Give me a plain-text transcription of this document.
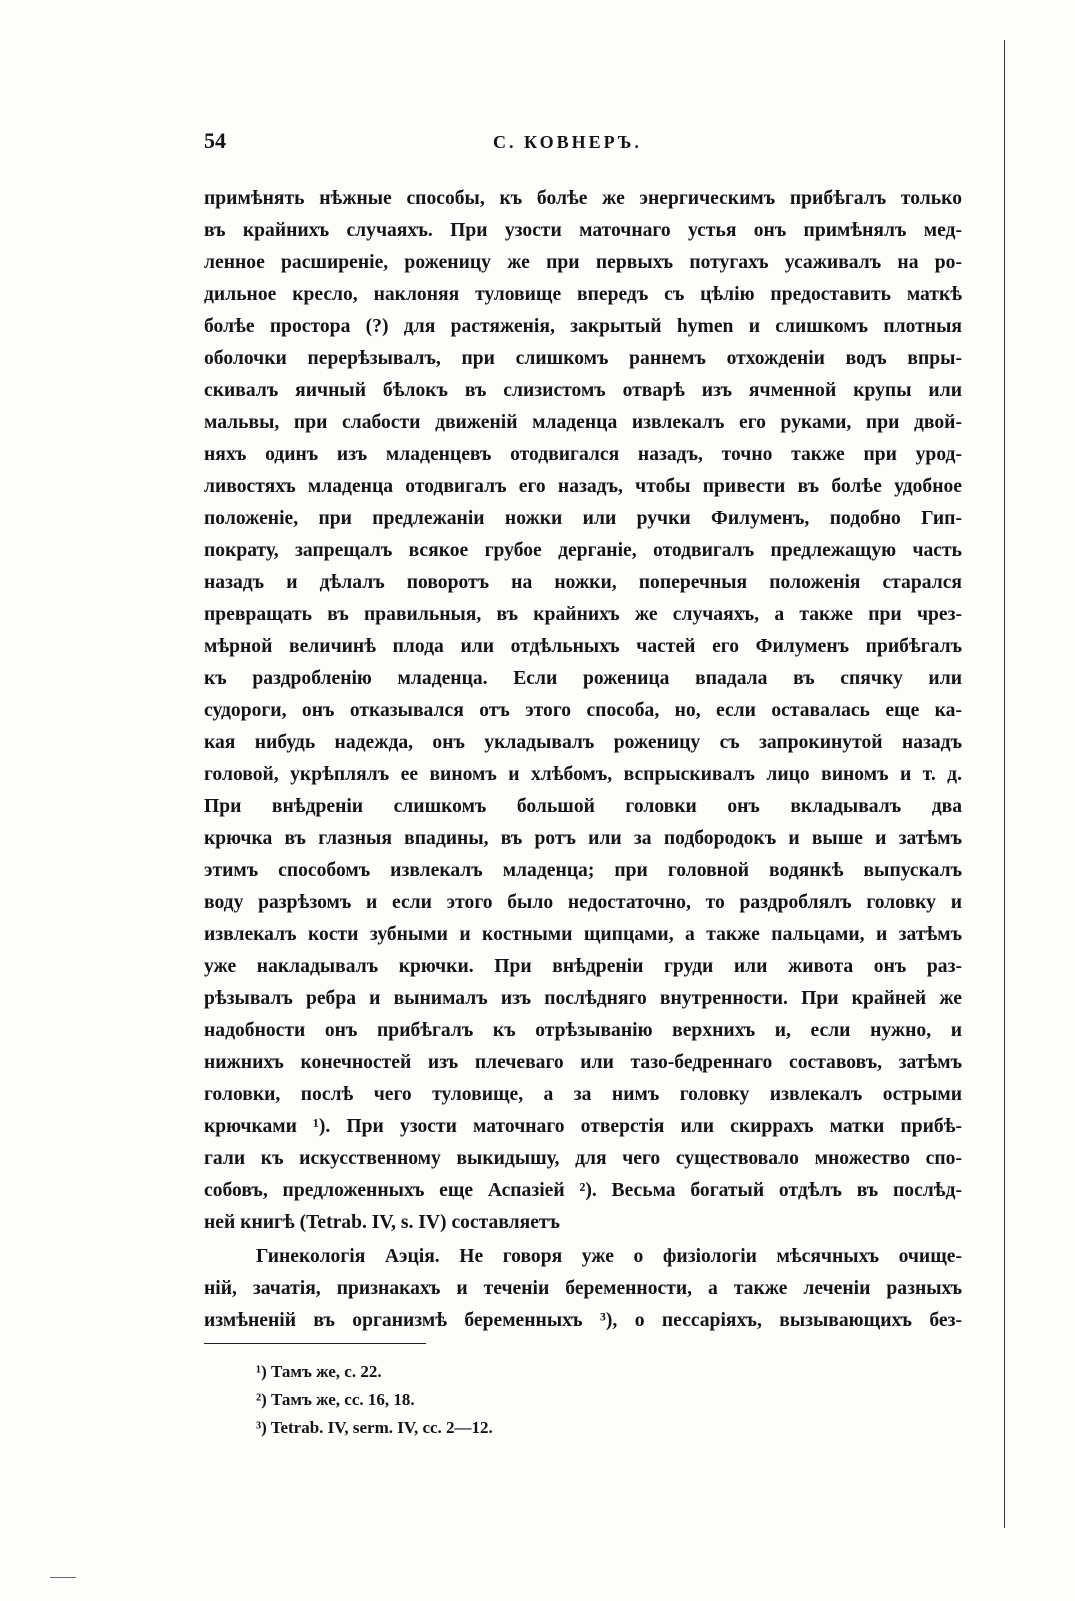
54	С. КОВНЕРЪ.
примѣнять нѣжные способы, къ болѣе же энергическимъ прибѣгалъ только
въ крайнихъ случаяхъ. При узости маточнаго устья онъ примѣнялъ мед-
ленное расширеніе, роженицу же при первыхъ потугахъ усаживалъ на ро-
дильное кресло, наклоняя туловище впередъ съ цѣлію предоставить маткѣ
болѣе простора (?) для растяженія, закрытый hymen и слишкомъ плотныя
оболочки перерѣзывалъ, при слишкомъ раннемъ отхожденіи водъ впры-
скивалъ яичный бѣлокъ въ слизистомъ отварѣ изъ ячменной крупы или
мальвы, при слабости движеній младенца извлекалъ его руками, при двой-
няхъ одинъ изъ младенцевъ отодвигался назадъ, точно также при урод-
ливостяхъ младенца отодвигалъ его назадъ, чтобы привести въ болѣе удобное
положеніе, при предлежаніи ножки или ручки Филуменъ, подобно Гип-
пократу, запрещалъ всякое грубое дерганіе, отодвигалъ предлежащую часть
назадъ и дѣлалъ поворотъ на ножки, поперечныя положенія старался
превращать въ правильныя, въ крайнихъ же случаяхъ, а также при чрез-
мѣрной величинѣ плода или отдѣльныхъ частей его Филуменъ прибѣгалъ
къ раздробленію младенца. Если роженица впадала въ спячку или
судороги, онъ отказывался отъ этого способа, но, если оставалась еще ка-
кая нибудь надежда, онъ укладывалъ роженицу съ запрокинутой назадъ
головой, укрѣплялъ ее виномъ и хлѣбомъ, вспрыскивалъ лицо виномъ и т. д.
При внѣдреніи слишкомъ большой головки онъ вкладывалъ два
крючка въ глазныя впадины, въ ротъ или за подбородокъ и выше и затѣмъ
этимъ способомъ извлекалъ младенца; при головной водянкѣ выпускалъ
воду разрѣзомъ и если этого было недостаточно, то раздроблялъ головку и
извлекалъ кости зубными и костными щипцами, а также пальцами, и затѣмъ
уже накладывалъ крючки. При внѣдреніи груди или живота онъ раз-
рѣзывалъ ребра и вынималъ изъ послѣдняго внутренности. При крайней же
надобности онъ прибѣгалъ къ отрѣзыванію верхнихъ и, если нужно, и
нижнихъ конечностей изъ плечеваго или тазо-бедреннаго составовъ, затѣмъ
головки, послѣ чего туловище, а за нимъ головку извлекалъ острыми
крючками ¹). При узости маточнаго отверстія или скиррахъ матки прибѣ-
гали къ искусственному выкидышу, для чего существовало множество спо-
собовъ, предложенныхъ еще Аспазіей ²). Весьма богатый отдѣлъ въ послѣд-
ней книгѣ (Tetrab. IV, s. IV) составляетъ
Гинекологія Аэція. Не говоря уже о физіологіи мѣсячныхъ очище-
ній, зачатія, признакахъ и теченіи беременности, а также леченіи разныхъ
измѣненій въ организмѣ беременныхъ ³), о пессаріяхъ, вызывающихъ без-
¹) Тамъ же, с. 22.
²) Тамъ же, сс. 16, 18.
³) Tetrab. IV, serm. IV, сс. 2—12.
